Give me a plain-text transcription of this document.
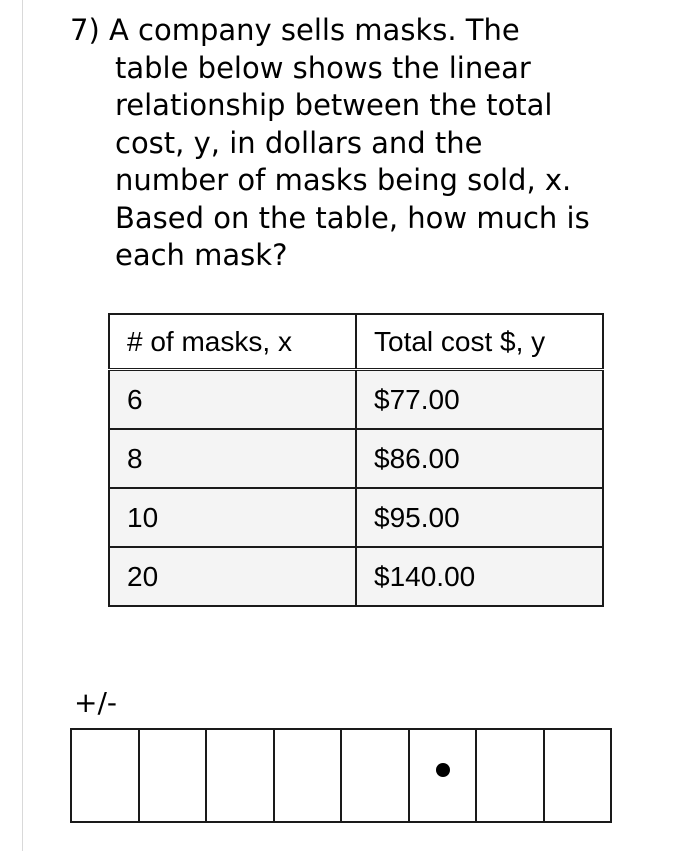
7) A company sells masks. The
table below shows the linear
relationship between the total
cost, y, in dollars and the
number of masks being sold, x.
Based on the table, how much is
each mask?
# of masks, x	Total cost $, y
6	$77.00
8	$86.00
10	$95.00
20	$140.00
+/-
